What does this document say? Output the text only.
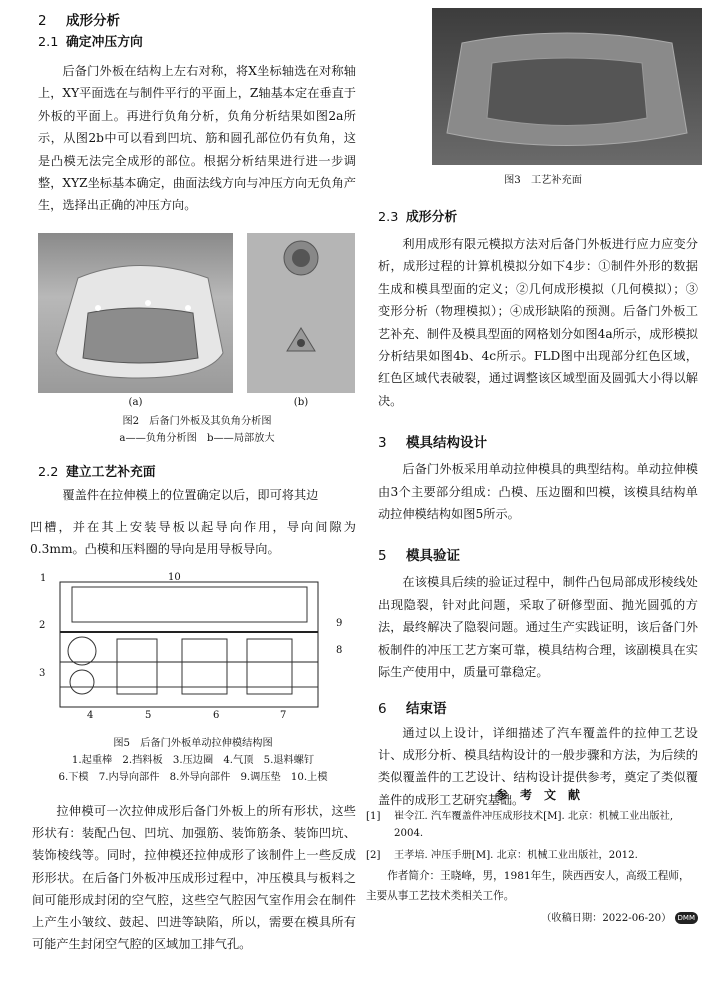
2 成形分析
2.1 确定冲压方向

后备门外板在结构上左右对称，将X坐标轴选在对称轴上，XY平面选在与制件平行的平面上，Z轴基本定在垂直于外板的平面上。再进行负角分析，负角分析结果如图2a所示，从图2b中可以看到凹坑、筋和圆孔部位仍有负角，这是凸模无法完全成形的部位。根据分析结果进行进一步调整，XYZ坐标基本确定，曲面法线方向与冲压方向无负角产生，选择出正确的冲压方向。

(a)	(b)
图2　后备门外板及其负角分析图
a——负角分析图　b——局部放大
2.2 建立工艺补充面

覆盖件在拉伸模上的位置确定以后，即可将其边

凹槽，并在其上安装导板以起导向作用，导向间隙为0.3mm。凸模和压料圈的导向是用导板导向。

1
2
3
4	5	6	7
8
9
10
图5　后备门外板单动拉伸模结构图
1.起重棒　2.挡料板　3.压边圈　4.气顶　5.退料螺钉
6.下模　7.内导向部件　8.外导向部件　9.调压垫　10.上模

拉伸模可一次拉伸成形后备门外板上的所有形状，这些形状有：装配凸包、凹坑、加强筋、装饰筋条、装饰凹坑、装饰棱线等。同时，拉伸模还拉伸成形了该制件上一些反成形形状。在后备门外板冲压成形过程中，冲压模具与板料之间可能形成封闭的空气腔，这些空气腔因气室作用会在制件上产生小皱纹、鼓起、凹进等缺陷，所以，需要在模具所有可能产生封闭空气腔的区域加工排气孔。

图3　工艺补充面
2.3 成形分析

利用成形有限元模拟方法对后备门外板进行应力应变分析，成形过程的计算机模拟分如下4步：①制件外形的数据生成和模具型面的定义；②几何成形模拟（几何模拟）；③变形分析（物理模拟）；④成形缺陷的预测。后备门外板工艺补充、制件及模具型面的网格划分如图4a所示，成形模拟分析结果如图4b、4c所示。FLD图中出现部分红色区域，红色区域代表破裂，通过调整该区域型面及圆弧大小得以解决。

3 模具结构设计

后备门外板采用单动拉伸模具的典型结构。单动拉伸模由3个主要部分组成：凸模、压边圈和凹模，该模具结构单动拉伸模结构如图5所示。

5 模具验证

在该模具后续的验证过程中，制件凸包局部成形棱线处出现隐裂，针对此问题，采取了研修型面、抛光圆弧的方法，最终解决了隐裂问题。通过生产实践证明，该后备门外板制件的冲压工艺方案可靠，模具结构合理，该副模具在实际生产使用中，质量可靠稳定。

6 结束语

通过以上设计，详细描述了汽车覆盖件的拉伸工艺设计、成形分析、模具结构设计的一般步骤和方法，为后续的类似覆盖件的工艺设计、结构设计提供参考，奠定了类似覆盖件的成形工艺研究基础。

参　考　文　献
[1]	崔令江. 汽车覆盖件冲压成形技术[M]. 北京：机械工业出版社, 2004.
[2]	王孝培. 冲压手册[M]. 北京：机械工业出版社，2012.
作者简介：王晓峰，男，1981年生，陕西西安人，高级工程师，主要从事工艺技术类相关工作。
（收稿日期：2022-06-20） DMM
